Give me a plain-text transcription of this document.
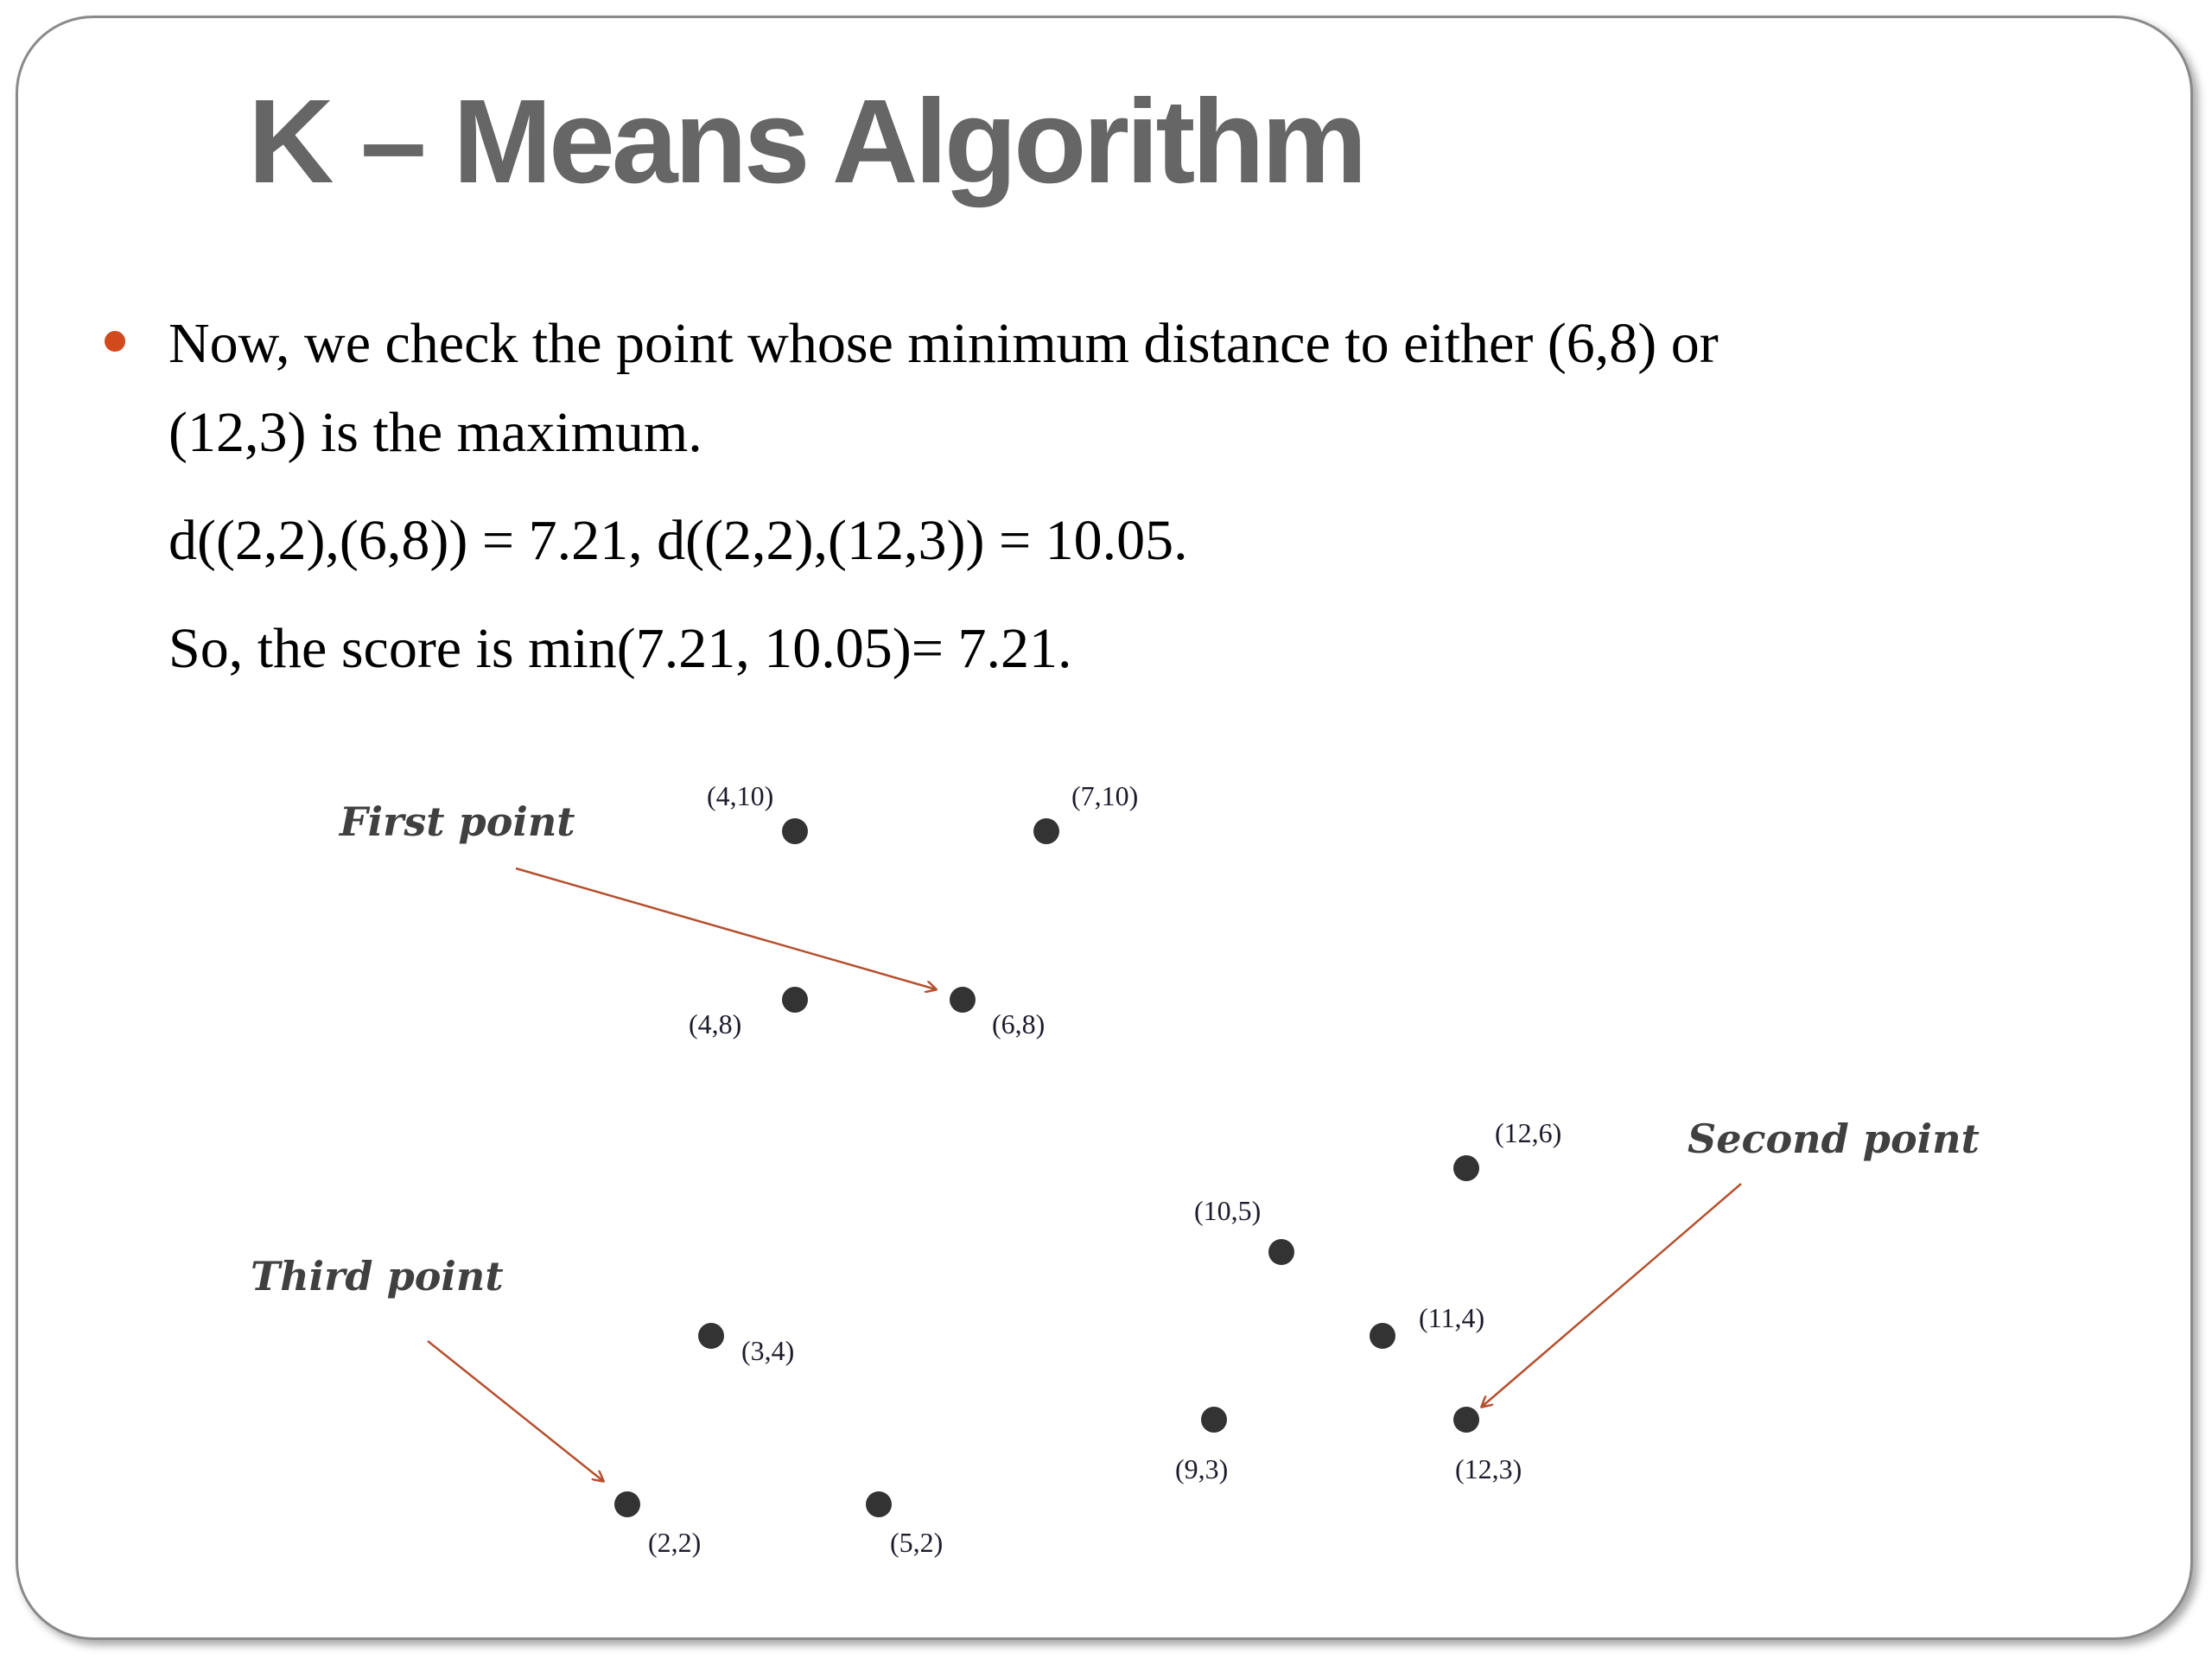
K – Means Algorithm
Now, we check the point whose minimum distance to either (6,8) or
(12,3) is the maximum.
d((2,2),(6,8)) = 7.21, d((2,2),(12,3)) = 10.05.
So, the score is min(7.21, 10.05)= 7.21.
(4,10)	(7,10)
(4,8)	(6,8)
(12,6)
(10,5)
(11,4)
(3,4)
(9,3)	(12,3)
(2,2)	(5,2)
First point
Second point
Third point
